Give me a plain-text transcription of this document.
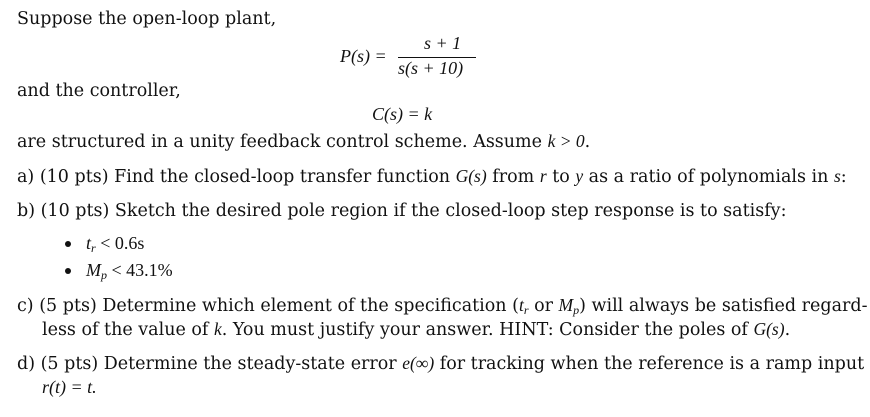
Suppose the open-loop plant,
P(s) =
s + 1
s(s + 10)
and the controller,
C(s) = k
are structured in a unity feedback control scheme. Assume k > 0.
a) (10 pts) Find the closed-loop transfer function G(s) from r to y as a ratio of polynomials in s:
b) (10 pts) Sketch the desired pole region if the closed-loop step response is to satisfy:
$t_r < 0.6s$
$M_p < 43.1\%$
c) (5 pts) Determine which element of the specification ($t_r$ or $M_p$) will always be satisfied regard-
less of the value of k. You must justify your answer. HINT: Consider the poles of G(s).
d) (5 pts) Determine the steady-state error e(∞) for tracking when the reference is a ramp input
r(t) = t.
